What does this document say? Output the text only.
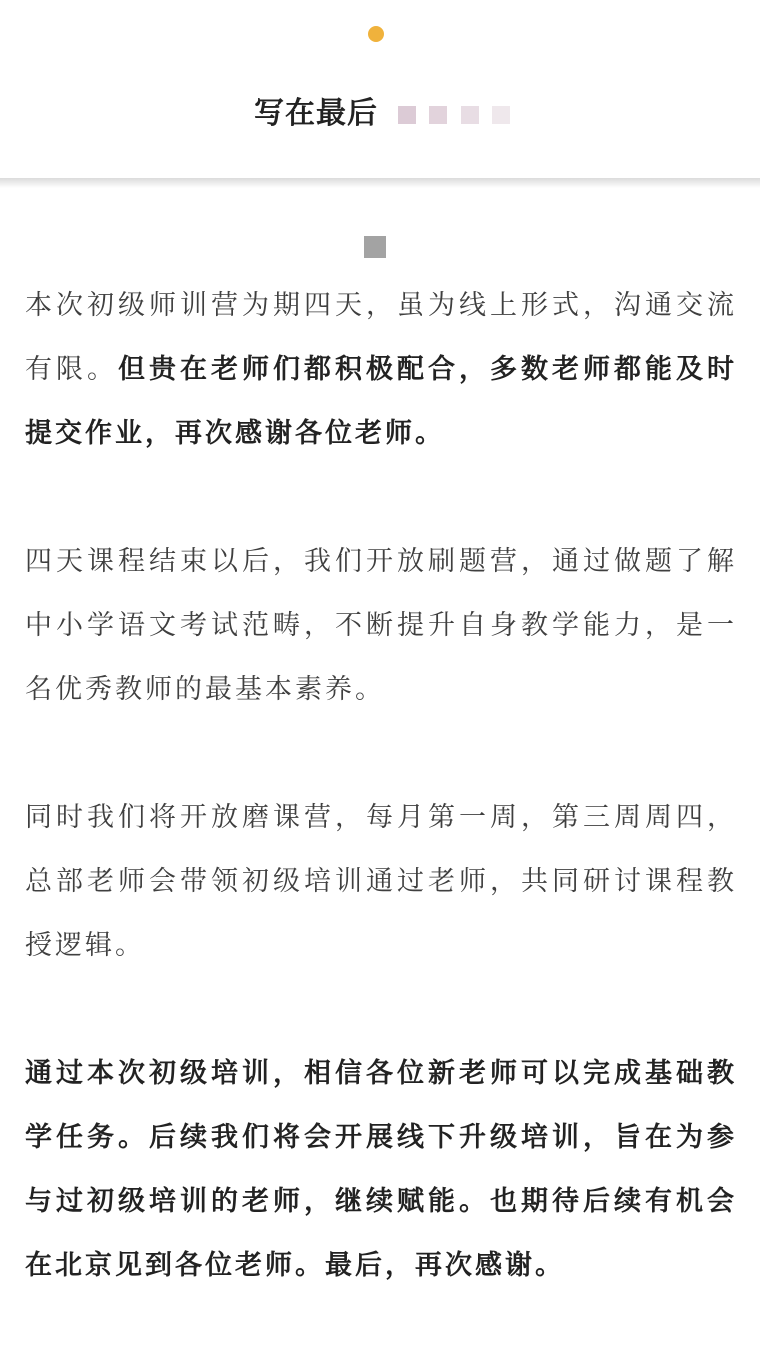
写在最后

本次初级师训营为期四天，虽为线上形式，沟通交流有限。但贵在老师们都积极配合，多数老师都能及时提交作业，再次感谢各位老师。

四天课程结束以后，我们开放刷题营，通过做题了解中小学语文考试范畴，不断提升自身教学能力，是一名优秀教师的最基本素养。

同时我们将开放磨课营，每月第一周，第三周周四，总部老师会带领初级培训通过老师，共同研讨课程教授逻辑。

通过本次初级培训，相信各位新老师可以完成基础教学任务。后续我们将会开展线下升级培训，旨在为参与过初级培训的老师，继续赋能。也期待后续有机会在北京见到各位老师。最后，再次感谢。
